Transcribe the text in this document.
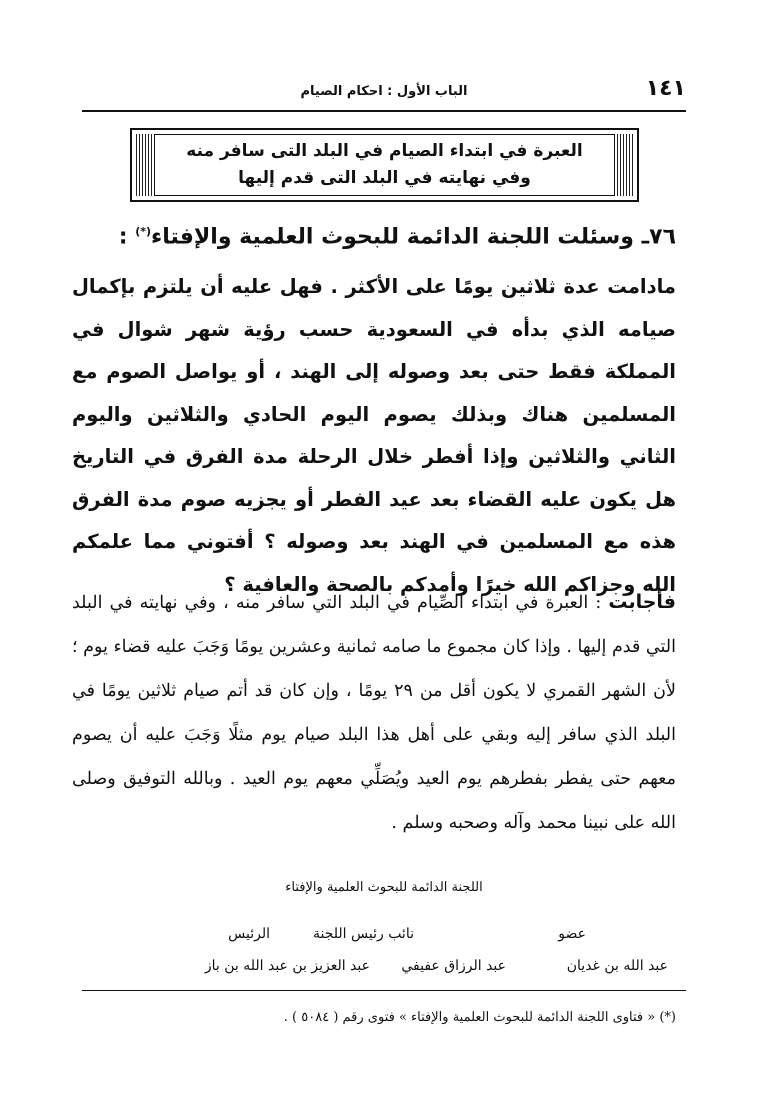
١٤١
الباب الأول : احكام الصيام
العبرة في ابتداء الصيام في البلد التى سافر منه
وفي نهايته في البلد التى قدم إليها
٧٦ـ وسئلت اللجنة الدائمة للبحوث العلمية والإفتاء(*) :
مادامت عدة ثلاثين يومًا على الأكثر . فهل عليه أن يلتزم بإكمال صيامه الذي بدأه في السعودية حسب رؤية شهر شوال في المملكة فقط حتى بعد وصوله إلى الهند ، أو يواصل الصوم مع المسلمين هناك وبذلك يصوم اليوم الحادي والثلاثين واليوم الثاني والثلاثين وإذا أفطر خلال الرحلة مدة الفرق في التاريخ هل يكون عليه القضاء بعد عيد الفطر أو يجزيه صوم مدة الفرق هذه مع المسلمين في الهند بعد وصوله ؟ أفتوني مما علمكم الله وجزاكم الله خيرًا وأمدكم بالصحة والعافية ؟
فأجابت : العبرة في ابتداء الصِّيام في البلد التي سافر منه ، وفي نهايته في البلد التي قدم إليها . وإذا كان مجموع ما صامه ثمانية وعشرين يومًا وَجَبَ عليه قضاء يوم ؛ لأن الشهر القمري لا يكون أقل من ٢٩ يومًا ، وإن كان قد أتم صيام ثلاثين يومًا في البلد الذي سافر إليه وبقي على أهل هذا البلد صيام يوم مثلًا وَجَبَ عليه أن يصوم معهم حتى يفطر بفطرهم يوم العيد ويُصَلِّي معهم يوم العيد . وبالله التوفيق وصلى الله على نبينا محمد وآله وصحبه وسلم .
اللجنة الدائمة للبحوث العلمية والإفتاء
عضو
نائب رئيس اللجنة
الرئيس
عبد الله بن غديان
عبد الرزاق عفيفي
عبد العزيز بن عبد الله بن باز
(*) « فتاوى اللجنة الدائمة للبحوث العلمية والإفتاء » فتوى رقم ( ٥٠٨٤ ) .
